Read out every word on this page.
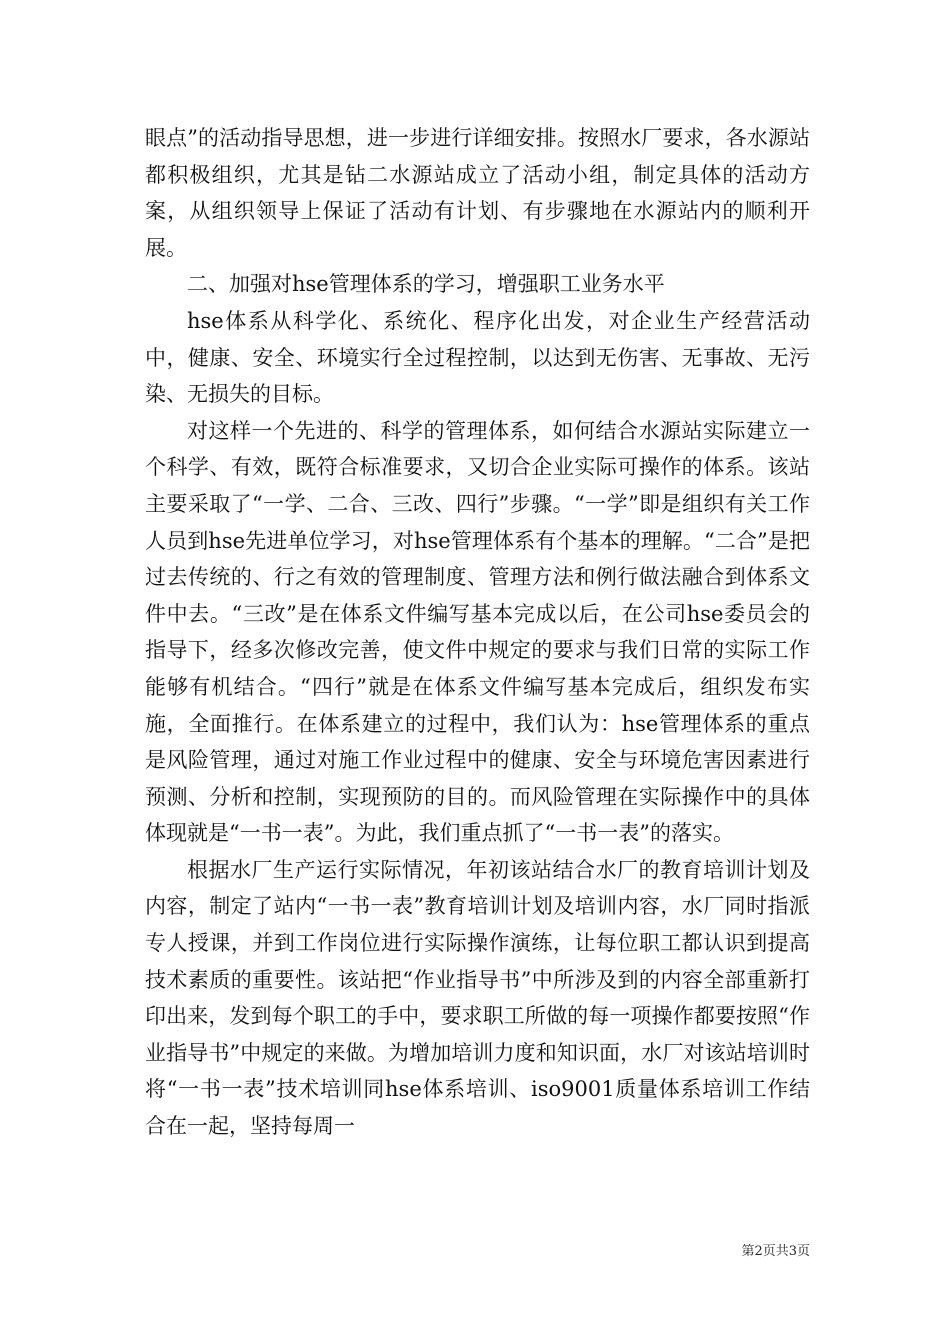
眼点”的活动指导思想，进一步进行详细安排。按照水厂要求，各水源站都积极组织，尤其是钻二水源站成立了活动小组，制定具体的活动方案，从组织领导上保证了活动有计划、有步骤地在水源站内的顺利开展。

二、加强对hse管理体系的学习，增强职工业务水平

hse体系从科学化、系统化、程序化出发，对企业生产经营活动中，健康、安全、环境实行全过程控制，以达到无伤害、无事故、无污染、无损失的目标。

对这样一个先进的、科学的管理体系，如何结合水源站实际建立一个科学、有效，既符合标准要求，又切合企业实际可操作的体系。该站主要采取了“一学、二合、三改、四行”步骤。“一学”即是组织有关工作人员到hse先进单位学习，对hse管理体系有个基本的理解。“二合”是把过去传统的、行之有效的管理制度、管理方法和例行做法融合到体系文件中去。“三改”是在体系文件编写基本完成以后，在公司hse委员会的指导下，经多次修改完善，使文件中规定的要求与我们日常的实际工作能够有机结合。“四行”就是在体系文件编写基本完成后，组织发布实施，全面推行。在体系建立的过程中，我们认为：hse管理体系的重点是风险管理，通过对施工作业过程中的健康、安全与环境危害因素进行预测、分析和控制，实现预防的目的。而风险管理在实际操作中的具体体现就是“一书一表”。为此，我们重点抓了“一书一表”的落实。

根据水厂生产运行实际情况，年初该站结合水厂的教育培训计划及内容，制定了站内“一书一表”教育培训计划及培训内容，水厂同时指派专人授课，并到工作岗位进行实际操作演练，让每位职工都认识到提高技术素质的重要性。该站把“作业指导书”中所涉及到的内容全部重新打印出来，发到每个职工的手中，要求职工所做的每一项操作都要按照“作业指导书”中规定的来做。为增加培训力度和知识面，水厂对该站培训时将“一书一表”技术培训同hse体系培训、iso9001质量体系培训工作结合在一起，坚持每周一

第2页共3页
